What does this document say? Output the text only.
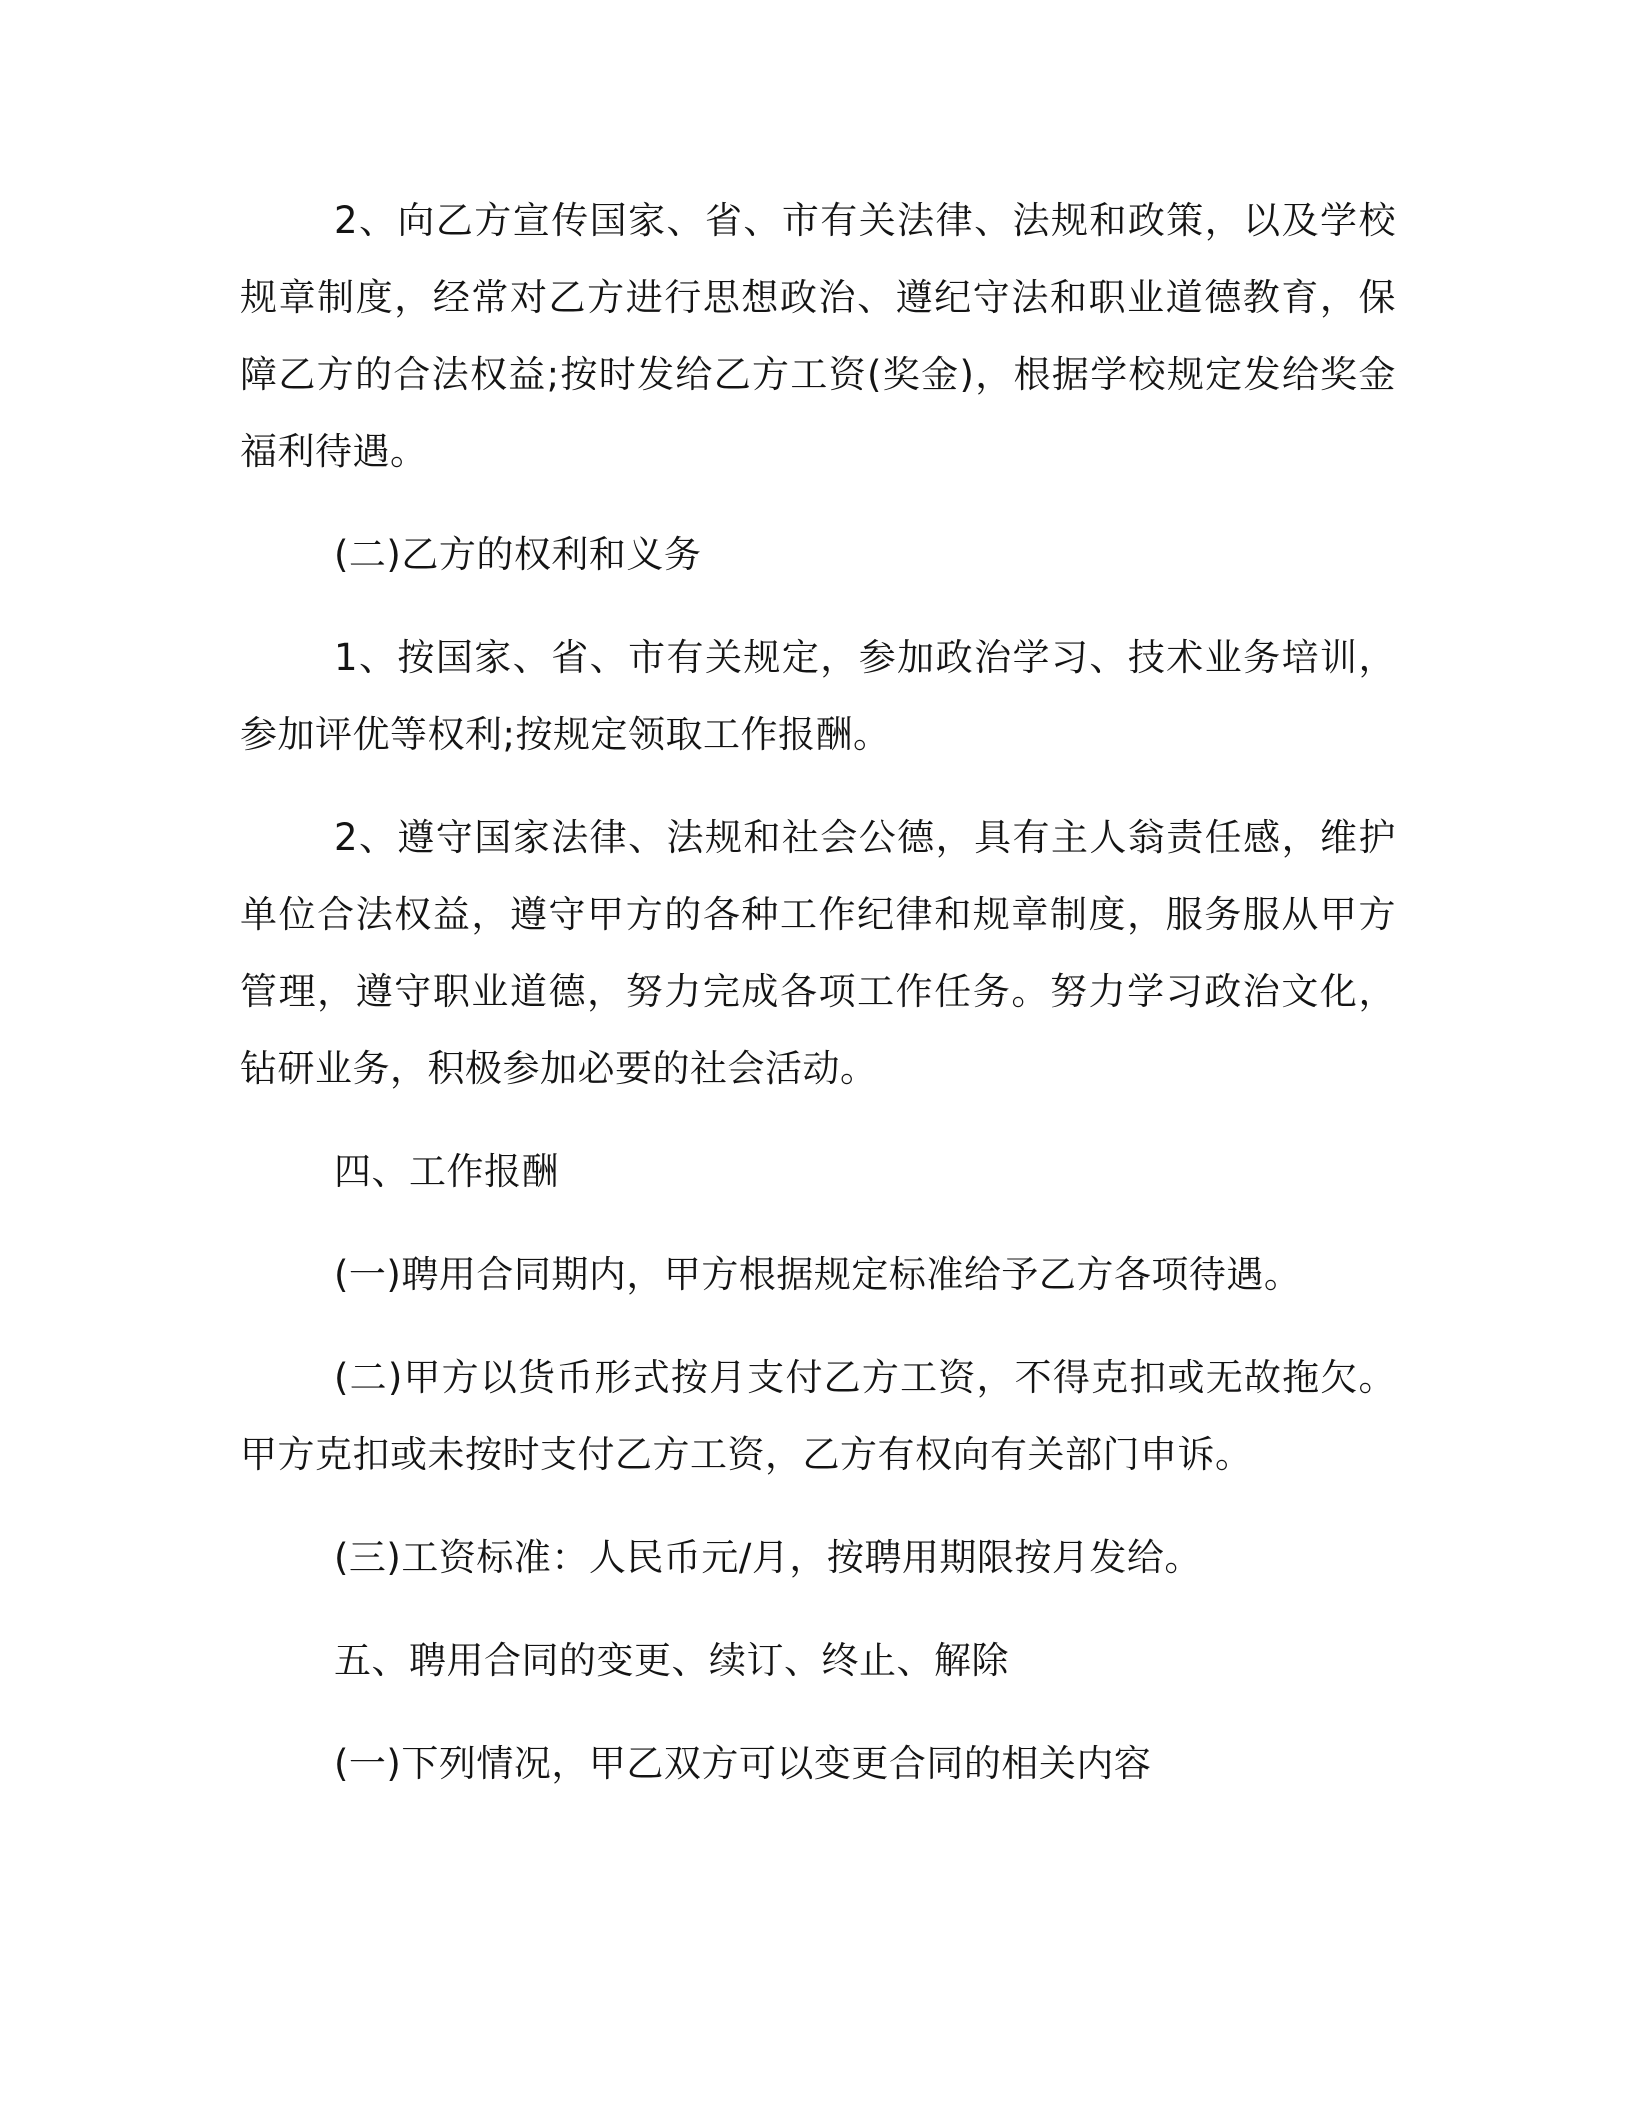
2、向乙方宣传国家、省、市有关法律、法规和政策，以及学校规章制度，经常对乙方进行思想政治、遵纪守法和职业道德教育，保障乙方的合法权益;按时发给乙方工资(奖金)，根据学校规定发给奖金福利待遇。

(二)乙方的权利和义务

1、按国家、省、市有关规定，参加政治学习、技术业务培训，参加评优等权利;按规定领取工作报酬。

2、遵守国家法律、法规和社会公德，具有主人翁责任感，维护单位合法权益，遵守甲方的各种工作纪律和规章制度，服务服从甲方管理，遵守职业道德，努力完成各项工作任务。努力学习政治文化，钻研业务，积极参加必要的社会活动。

四、工作报酬

(一)聘用合同期内，甲方根据规定标准给予乙方各项待遇。

(二)甲方以货币形式按月支付乙方工资，不得克扣或无故拖欠。甲方克扣或未按时支付乙方工资，乙方有权向有关部门申诉。

(三)工资标准：人民币元/月，按聘用期限按月发给。

五、聘用合同的变更、续订、终止、解除

(一)下列情况，甲乙双方可以变更合同的相关内容
